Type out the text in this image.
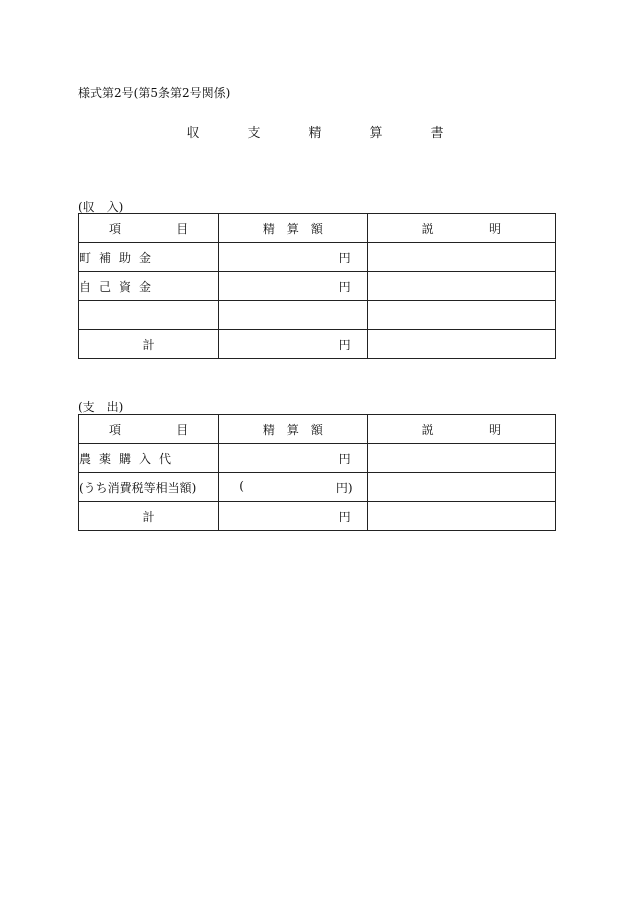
様式第2号(第5条第2号関係)
収	支	精	算	書
(収　入)
項 目	精　算　額	説 明

町補助金	円	
自己資金	円	

計	円	
(支　出)
項 目	精　算　額	説 明

農薬購入代	円	
(うち消費税等相当額)	( 円)	

計	円	
